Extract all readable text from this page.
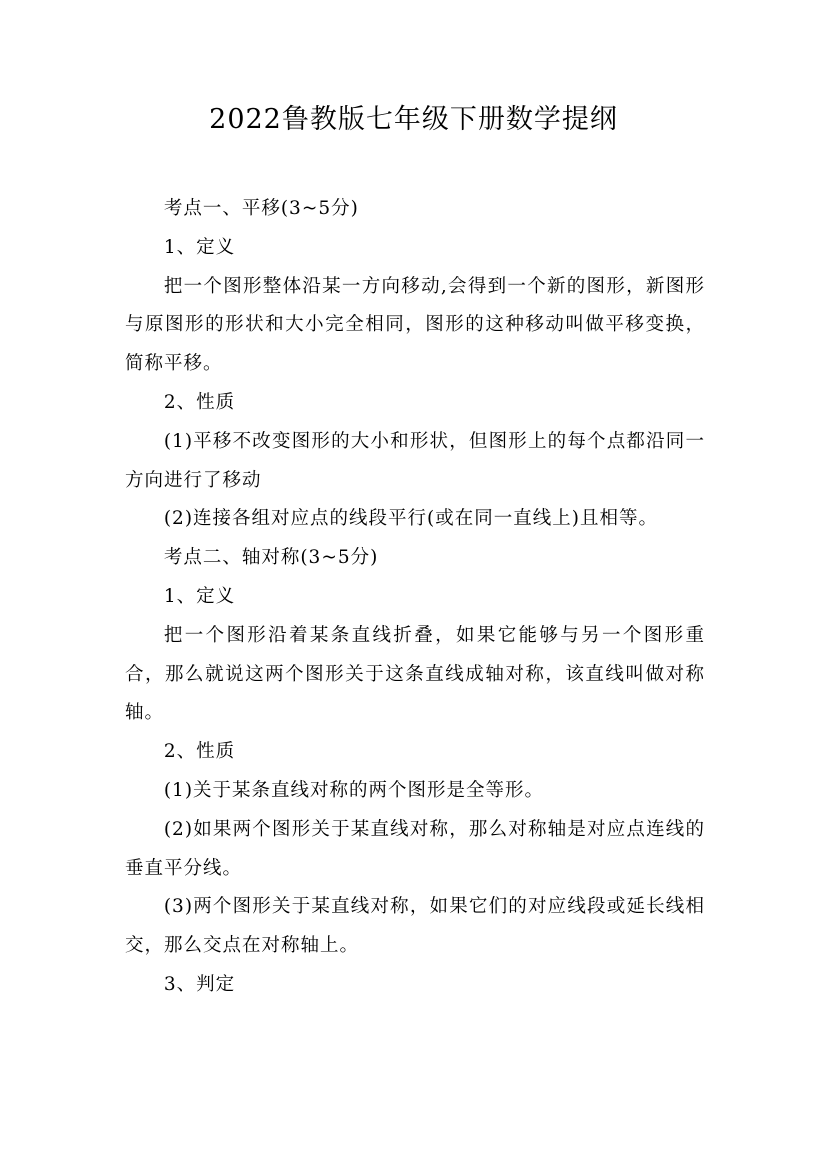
2022鲁教版七年级下册数学提纲

考点一、平移(3~5分)

1、定义

把一个图形整体沿某一方向移动,会得到一个新的图形，新图形与原图形的形状和大小完全相同，图形的这种移动叫做平移变换，简称平移。

2、性质

(1)平移不改变图形的大小和形状，但图形上的每个点都沿同一方向进行了移动

(2)连接各组对应点的线段平行(或在同一直线上)且相等。

考点二、轴对称(3~5分)

1、定义

把一个图形沿着某条直线折叠，如果它能够与另一个图形重合，那么就说这两个图形关于这条直线成轴对称，该直线叫做对称轴。

2、性质

(1)关于某条直线对称的两个图形是全等形。

(2)如果两个图形关于某直线对称，那么对称轴是对应点连线的垂直平分线。

(3)两个图形关于某直线对称，如果它们的对应线段或延长线相交，那么交点在对称轴上。

3、判定
